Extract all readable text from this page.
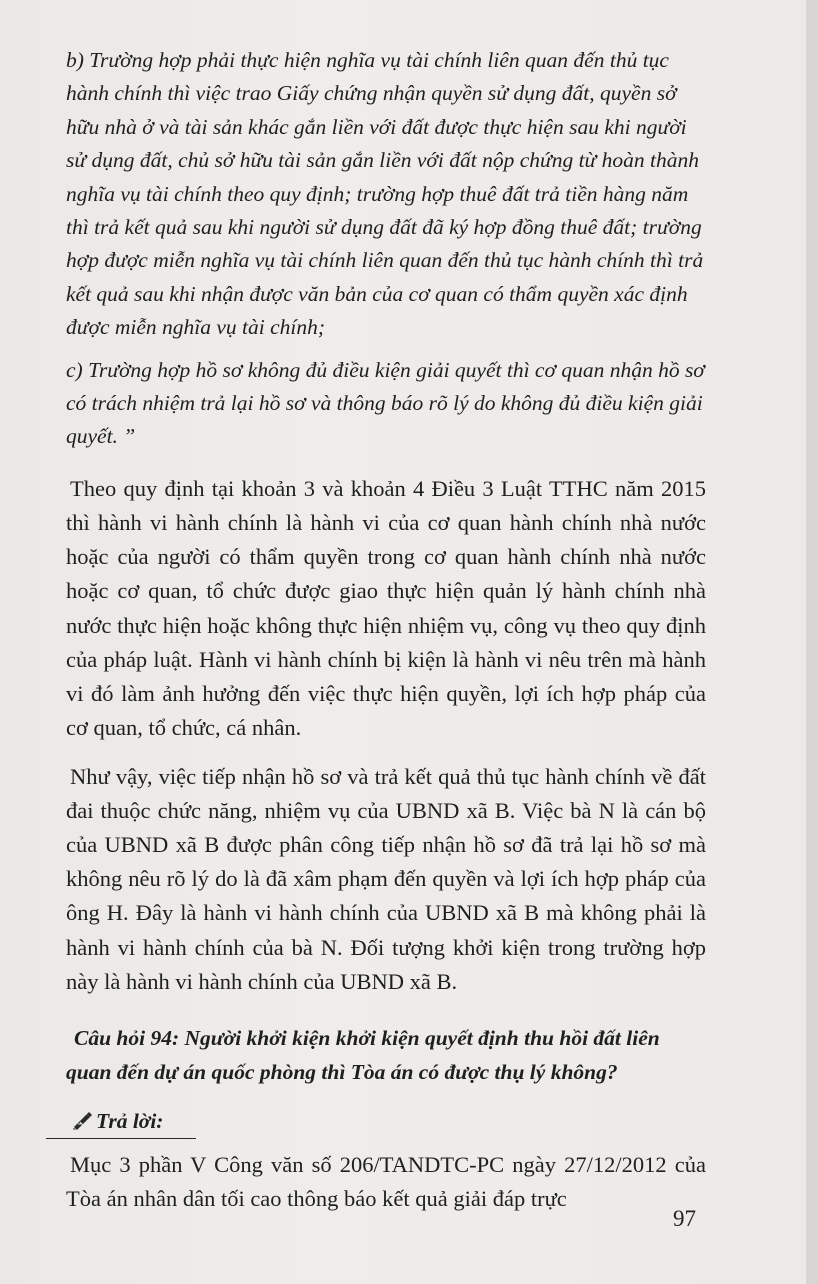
b) Trường hợp phải thực hiện nghĩa vụ tài chính liên quan đến thủ tục hành chính thì việc trao Giấy chứng nhận quyền sử dụng đất, quyền sở hữu nhà ở và tài sản khác gắn liền với đất được thực hiện sau khi người sử dụng đất, chủ sở hữu tài sản gắn liền với đất nộp chứng từ hoàn thành nghĩa vụ tài chính theo quy định; trường hợp thuê đất trả tiền hàng năm thì trả kết quả sau khi người sử dụng đất đã ký hợp đồng thuê đất; trường hợp được miễn nghĩa vụ tài chính liên quan đến thủ tục hành chính thì trả kết quả sau khi nhận được văn bản của cơ quan có thẩm quyền xác định được miễn nghĩa vụ tài chính;

c) Trường hợp hồ sơ không đủ điều kiện giải quyết thì cơ quan nhận hồ sơ có trách nhiệm trả lại hồ sơ và thông báo rõ lý do không đủ điều kiện giải quyết. ”

Theo quy định tại khoản 3 và khoản 4 Điều 3 Luật TTHC năm 2015 thì hành vi hành chính là hành vi của cơ quan hành chính nhà nước hoặc của người có thẩm quyền trong cơ quan hành chính nhà nước hoặc cơ quan, tổ chức được giao thực hiện quản lý hành chính nhà nước thực hiện hoặc không thực hiện nhiệm vụ, công vụ theo quy định của pháp luật. Hành vi hành chính bị kiện là hành vi nêu trên mà hành vi đó làm ảnh hưởng đến việc thực hiện quyền, lợi ích hợp pháp của cơ quan, tổ chức, cá nhân.

Như vậy, việc tiếp nhận hồ sơ và trả kết quả thủ tục hành chính về đất đai thuộc chức năng, nhiệm vụ của UBND xã B. Việc bà N là cán bộ của UBND xã B được phân công tiếp nhận hồ sơ đã trả lại hồ sơ mà không nêu rõ lý do là đã xâm phạm đến quyền và lợi ích hợp pháp của ông H. Đây là hành vi hành chính của UBND xã B mà không phải là hành vi hành chính của bà N. Đối tượng khởi kiện trong trường hợp này là hành vi hành chính của UBND xã B.

Câu hỏi 94: Người khởi kiện khởi kiện quyết định thu hồi đất liên quan đến dự án quốc phòng thì Tòa án có được thụ lý không?

Trả lời:

Mục 3 phần V Công văn số 206/TANDTC-PC ngày 27/12/2012 của Tòa án nhân dân tối cao thông báo kết quả giải đáp trực

97
